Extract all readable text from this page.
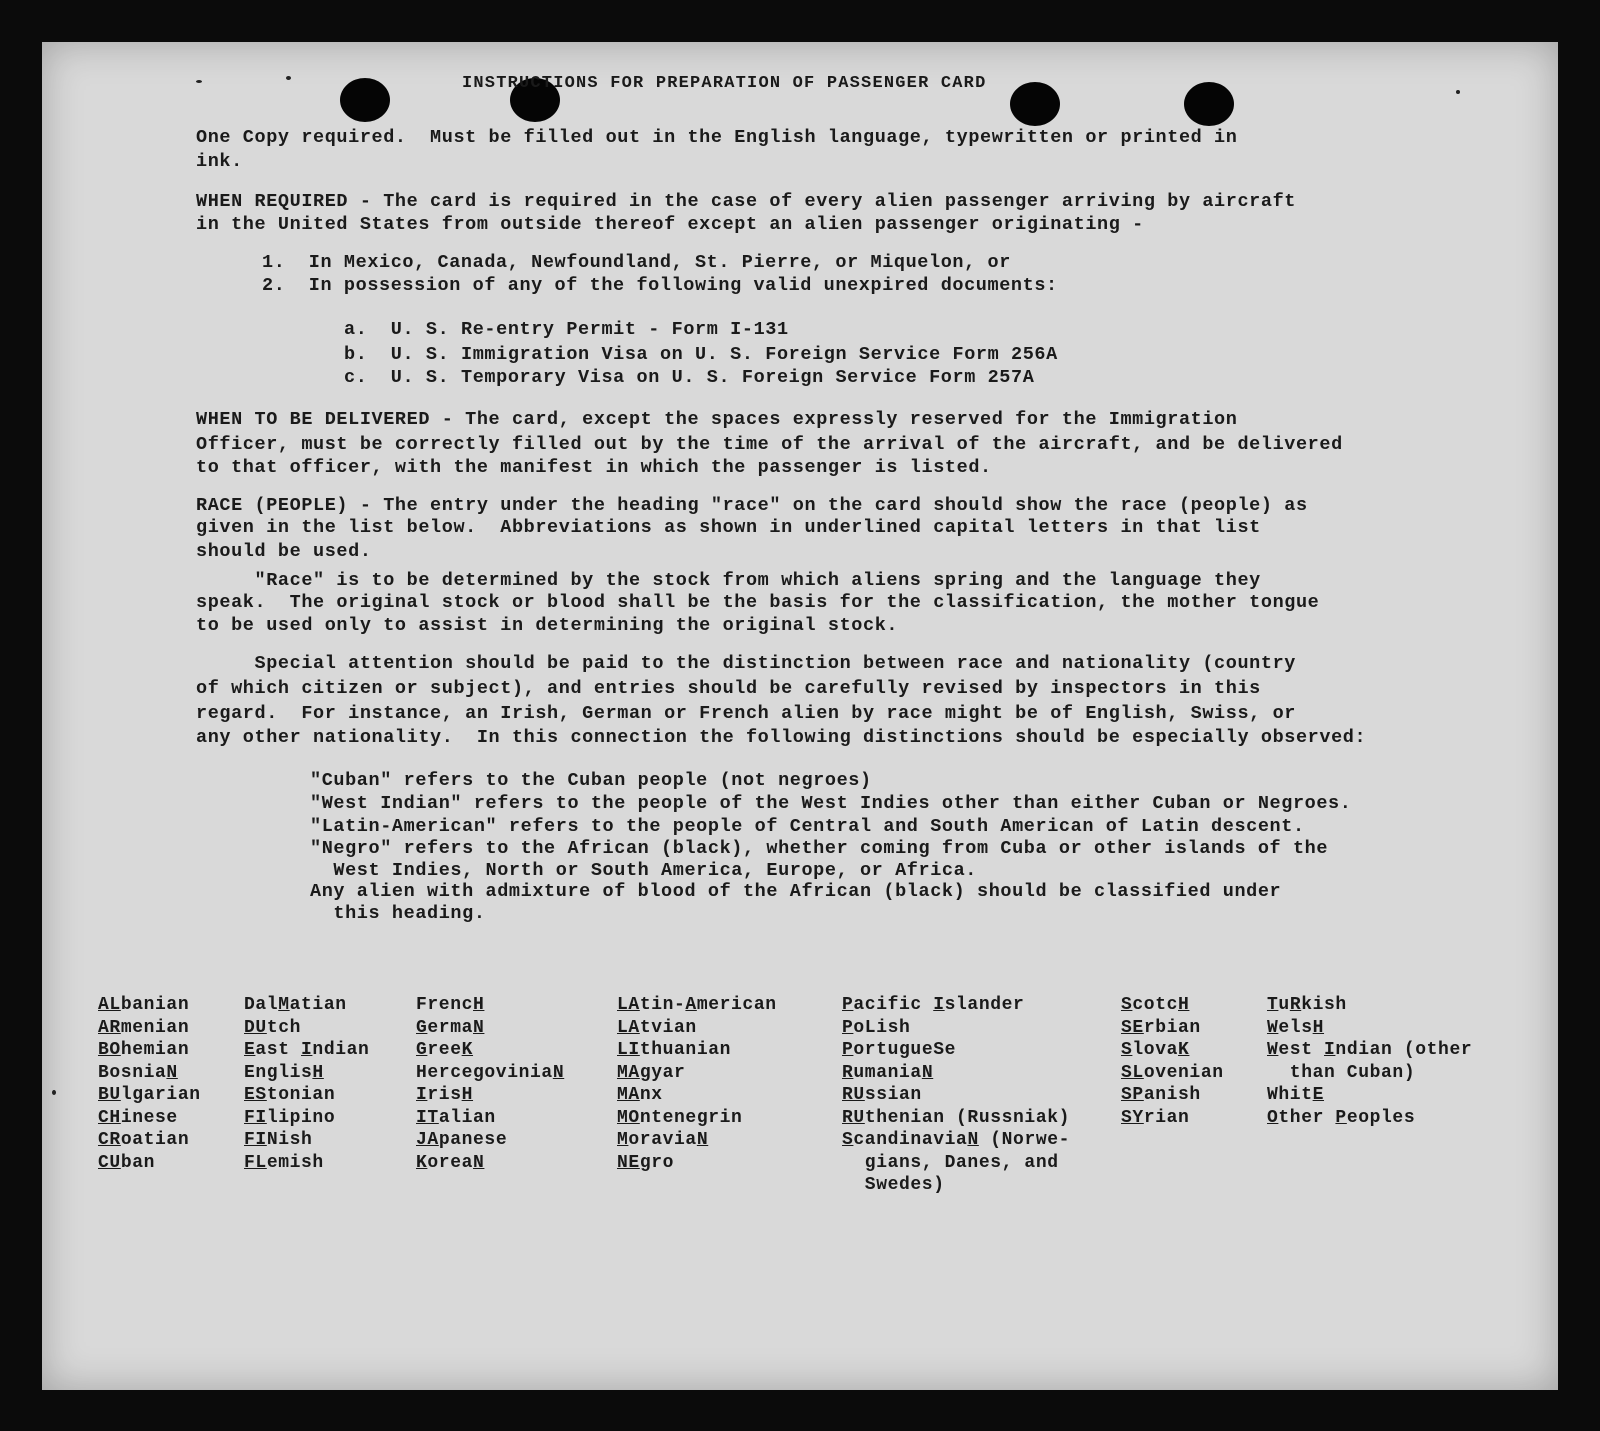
INSTRUCTIONS FOR PREPARATION OF PASSENGER CARD
One Copy required.  Must be filled out in the English language, typewritten or printed in
ink.
WHEN REQUIRED - The card is required in the case of every alien passenger arriving by aircraft
in the United States from outside thereof except an alien passenger originating -
1.  In Mexico, Canada, Newfoundland, St. Pierre, or Miquelon, or
2.  In possession of any of the following valid unexpired documents:
a.  U. S. Re-entry Permit - Form I-131
b.  U. S. Immigration Visa on U. S. Foreign Service Form 256A
c.  U. S. Temporary Visa on U. S. Foreign Service Form 257A
WHEN TO BE DELIVERED - The card, except the spaces expressly reserved for the Immigration
Officer, must be correctly filled out by the time of the arrival of the aircraft, and be delivered
to that officer, with the manifest in which the passenger is listed.
RACE (PEOPLE) - The entry under the heading "race" on the card should show the race (people) as
given in the list below.  Abbreviations as shown in underlined capital letters in that list
should be used.
"Race" is to be determined by the stock from which aliens spring and the language they
speak.  The original stock or blood shall be the basis for the classification, the mother tongue
to be used only to assist in determining the original stock.
Special attention should be paid to the distinction between race and nationality (country
of which citizen or subject), and entries should be carefully revised by inspectors in this
regard.  For instance, an Irish, German or French alien by race might be of English, Swiss, or
any other nationality.  In this connection the following distinctions should be especially observed:
"Cuban" refers to the Cuban people (not negroes)
"West Indian" refers to the people of the West Indies other than either Cuban or Negroes.
"Latin-American" refers to the people of Central and South American of Latin descent.
"Negro" refers to the African (black), whether coming from Cuba or other islands of the
West Indies, North or South America, Europe, or Africa.
Any alien with admixture of blood of the African (black) should be classified under
this heading.
ALbanian
ARmenian
BOhemian
BosniaN
BUlgarian
CHinese
CRoatian
CUban
DalMatian
DUtch
East Indian
EnglisH
EStonian
FIlipino
FINish
FLemish
FrencH
GermaN
GreeK
HercegoviniaN
IrisH
ITalian
JApanese
KoreaN
LAtin-American
LAtvian
LIthuanian
MAgyar
MAnx
MOntenegrin
MoraviaN
NEgro
Pacific Islander
PoLish
PortugueSe
RumaniaN
RUssian
RUthenian (Russniak)
ScandinaviaN (Norwe-
gians, Danes, and
Swedes)
ScotcH
SErbian
SlovaK
SLovenian
SPanish
SYrian
TuRkish
WelsH
West Indian (other
than Cuban)
WhitE
Other Peoples
